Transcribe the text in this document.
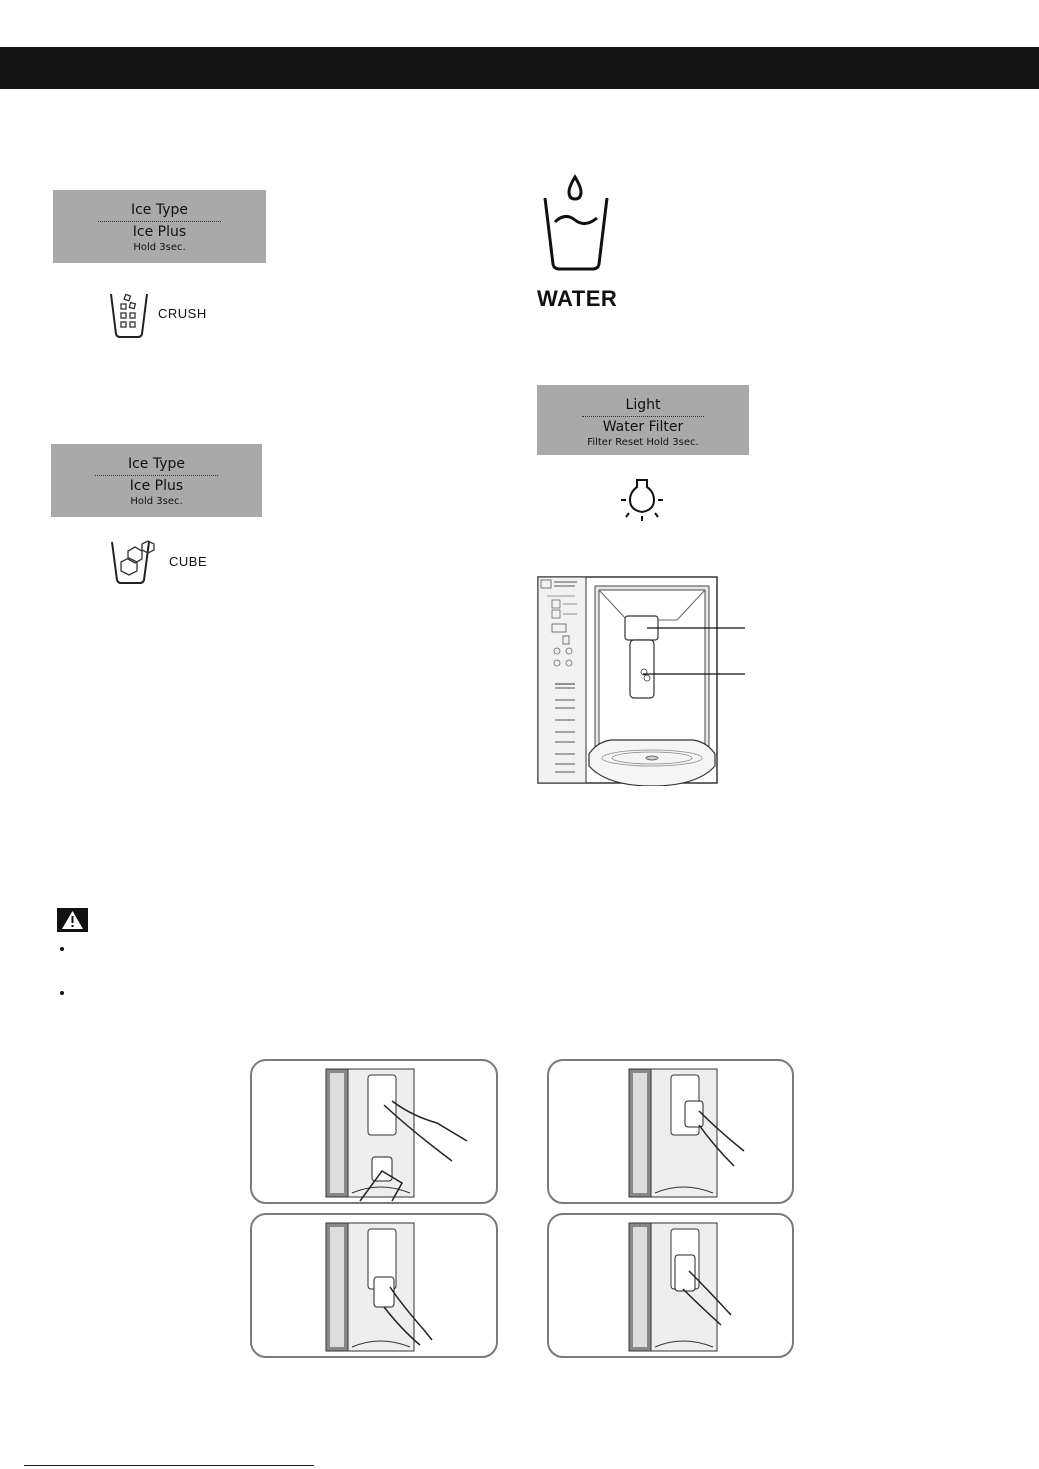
Ice Type
Ice Plus
Hold 3sec.
CRUSH
Ice Type
Ice Plus
Hold 3sec.
CUBE
WATER
Light
Water Filter
Filter Reset Hold 3sec.
